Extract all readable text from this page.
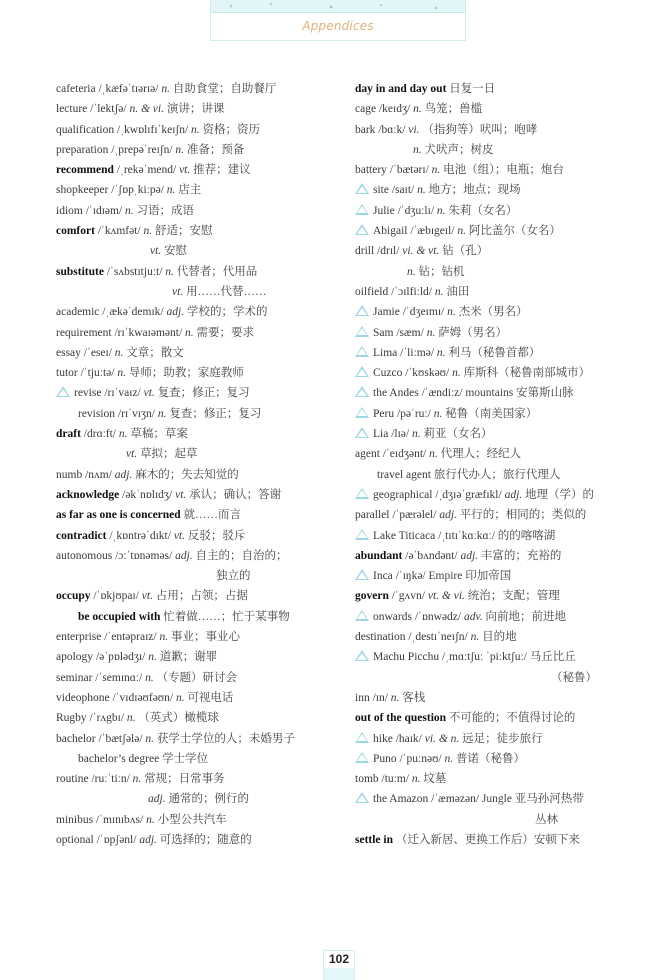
Appendices
cafeteria /ˌkæfəˈtɪərɪə/ n. 自助食堂；自助餐厅
lecture /ˈlektʃə/ n. & vi. 演讲；讲课
qualification /ˌkwɒlɪfɪˈkeɪʃn/ n. 资格；资历
preparation /ˌprepəˈreɪʃn/ n. 准备；预备
recommend /ˌrekəˈmend/ vt. 推荐；建议
shopkeeper /ˈʃɒpˌkiːpə/ n. 店主
idiom /ˈɪdɪəm/ n. 习语；成语
comfort /ˈkʌmfət/ n. 舒适；安慰
vt. 安慰
substitute /ˈsʌbstɪtjuːt/ n. 代替者；代用品
vt. 用……代替……
academic /ˌækəˈdemɪk/ adj. 学校的；学术的
requirement /rɪˈkwaɪəmənt/ n. 需要；要求
essay /ˈeseɪ/ n. 文章；散文
tutor /ˈtjuːtə/ n. 导师；助教；家庭教师
revise /rɪˈvaɪz/ vt. 复查；修正；复习
revision /rɪˈvɪʒn/ n. 复查；修正；复习
draft /drɑːft/ n. 草稿；草案
vt. 草拟；起草
numb /nʌm/ adj. 麻木的；失去知觉的
acknowledge /əkˈnɒlɪdʒ/ vt. 承认；确认；答谢
as far as one is concerned 就……而言
contradict /ˌkɒntrəˈdɪkt/ vt. 反驳；驳斥
autonomous /ɔːˈtɒnəməs/ adj. 自主的；自治的；
独立的
occupy /ˈɒkjʊpaɪ/ vt. 占用；占领；占据
be occupied with 忙着做……；忙于某事物
enterprise /ˈentəpraɪz/ n. 事业；事业心
apology /əˈpɒlədʒɪ/ n. 道歉；谢罪
seminar /ˈsemɪnɑː/ n. （专题）研讨会
videophone /ˈvɪdɪəʊfəʊn/ n. 可视电话
Rugby /ˈrʌgbɪ/ n. （英式）橄榄球
bachelor /ˈbætʃələ/ n. 获学士学位的人；未婚男子
bachelor’s degree 学士学位
routine /ruːˈtiːn/ n. 常规；日常事务
adj. 通常的；例行的
minibus /ˈmɪnɪbʌs/ n. 小型公共汽车
optional /ˈɒpʃənl/ adj. 可选择的；随意的
day in and day out 日复一日
cage /keɪdʒ/ n. 鸟笼；兽槛
bark /bɑːk/ vi. （指狗等）吠叫；咆哮
n. 犬吠声；树皮
battery /ˈbætərɪ/ n. 电池（组）；电瓶；炮台
site /saɪt/ n. 地方；地点；现场
Julie /ˈdʒuːlɪ/ n. 朱莉（女名）
Abigail /ˈæbɪgeɪl/ n. 阿比盖尔（女名）
drill /drɪl/ vi. & vt. 钻（孔）
n. 钻；钻机
oilfield /ˈɔɪlfiːld/ n. 油田
Jamie /ˈdʒeɪmɪ/ n. 杰米（男名）
Sam /sæm/ n. 萨姆（男名）
Lima /ˈliːmə/ n. 利马（秘鲁首都）
Cuzco /ˈkʊskəʊ/ n. 库斯科（秘鲁南部城市）
the Andes /ˈændiːz/ mountains 安第斯山脉
Peru /pəˈruː/ n. 秘鲁（南美国家）
Lia /lɪə/ n. 莉亚（女名）
agent /ˈeɪdʒənt/ n. 代理人；经纪人
travel agent 旅行代办人；旅行代理人
geographical /ˌdʒɪəˈgræfɪkl/ adj. 地理（学）的
parallel /ˈpærəlel/ adj. 平行的；相同的；类似的
Lake Titicaca /ˌtɪtɪˈkɑːkɑː/ 的的喀喀湖
abundant /əˈbʌndənt/ adj. 丰富的；充裕的
Inca /ˈɪŋkə/ Empire 印加帝国
govern /ˈgʌvn/ vt. & vi. 统治；支配；管理
onwards /ˈɒnwədz/ adv. 向前地；前进地
destination /ˌdestɪˈneɪʃn/ n. 目的地
Machu Picchu /ˌmɑːtʃuː ˈpiːktʃuː/ 马丘比丘
（秘鲁）
inn /ɪn/ n. 客栈
out of the question 不可能的；不值得讨论的
hike /haɪk/ vi. & n. 远足；徒步旅行
Puno /ˈpuːnəʊ/ n. 普诺（秘鲁）
tomb /tuːm/ n. 坟墓
the Amazon /ˈæməzən/ Jungle 亚马孙河热带
丛林
settle in （迁入新居、更换工作后）安顿下来
102
